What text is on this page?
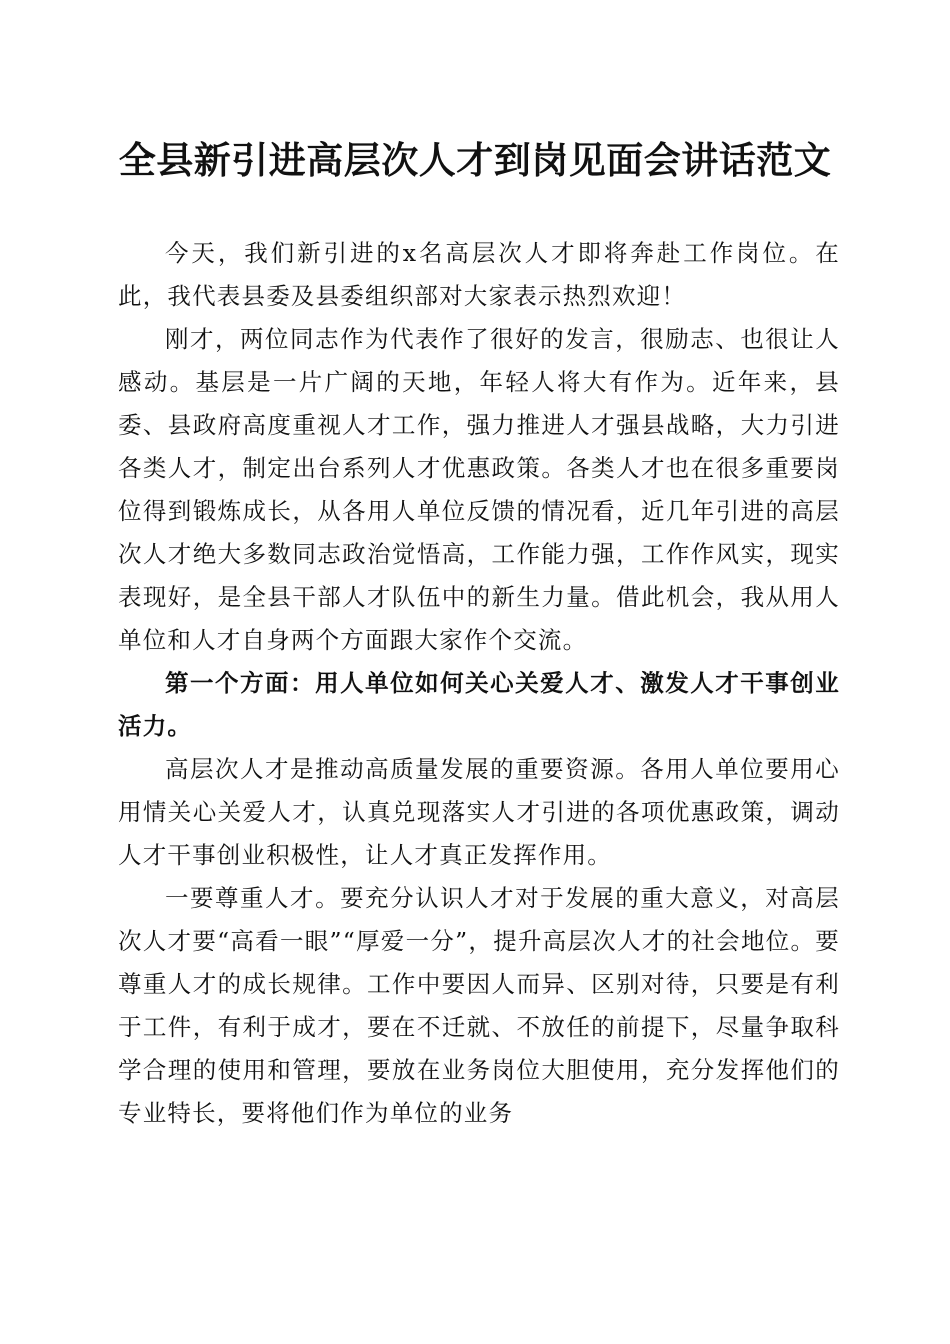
全县新引进高层次人才到岗见面会讲话范文

今天，我们新引进的x名高层次人才即将奔赴工作岗位。在此，我代表县委及县委组织部对大家表示热烈欢迎！

刚才，两位同志作为代表作了很好的发言，很励志、也很让人感动。基层是一片广阔的天地，年轻人将大有作为。近年来，县委、县政府高度重视人才工作，强力推进人才强县战略，大力引进各类人才，制定出台系列人才优惠政策。各类人才也在很多重要岗位得到锻炼成长，从各用人单位反馈的情况看，近几年引进的高层次人才绝大多数同志政治觉悟高，工作能力强，工作作风实，现实表现好，是全县干部人才队伍中的新生力量。借此机会，我从用人单位和人才自身两个方面跟大家作个交流。

第一个方面：用人单位如何关心关爱人才、激发人才干事创业活力。

高层次人才是推动高质量发展的重要资源。各用人单位要用心用情关心关爱人才，认真兑现落实人才引进的各项优惠政策，调动人才干事创业积极性，让人才真正发挥作用。

一要尊重人才。要充分认识人才对于发展的重大意义，对高层次人才要“高看一眼”“厚爱一分”，提升高层次人才的社会地位。要尊重人才的成长规律。工作中要因人而异、区别对待，只要是有利于工件，有利于成才，要在不迁就、不放任的前提下，尽量争取科学合理的使用和管理，要放在业务岗位大胆使用，充分发挥他们的专业特长，要将他们作为单位的业务
